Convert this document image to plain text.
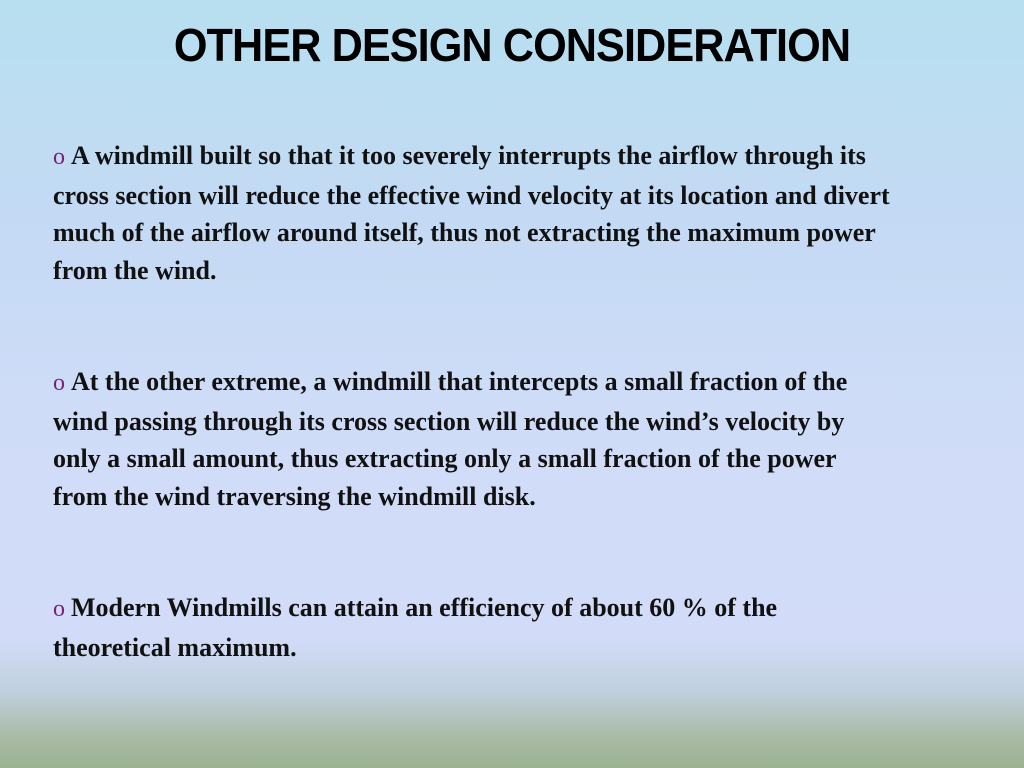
OTHER DESIGN CONSIDERATION

o A windmill built so that it too severely interrupts the airflow through its cross section will reduce the effective wind velocity at its location and divert much of the airflow around itself, thus not extracting the maximum power from the wind.

o At the other extreme, a windmill that intercepts a small fraction of the wind passing through its cross section will reduce the wind’s velocity by only a small amount, thus extracting only a small fraction of the power from the wind traversing the windmill disk.

o Modern Windmills can attain an efficiency of about 60 % of the theoretical maximum.
